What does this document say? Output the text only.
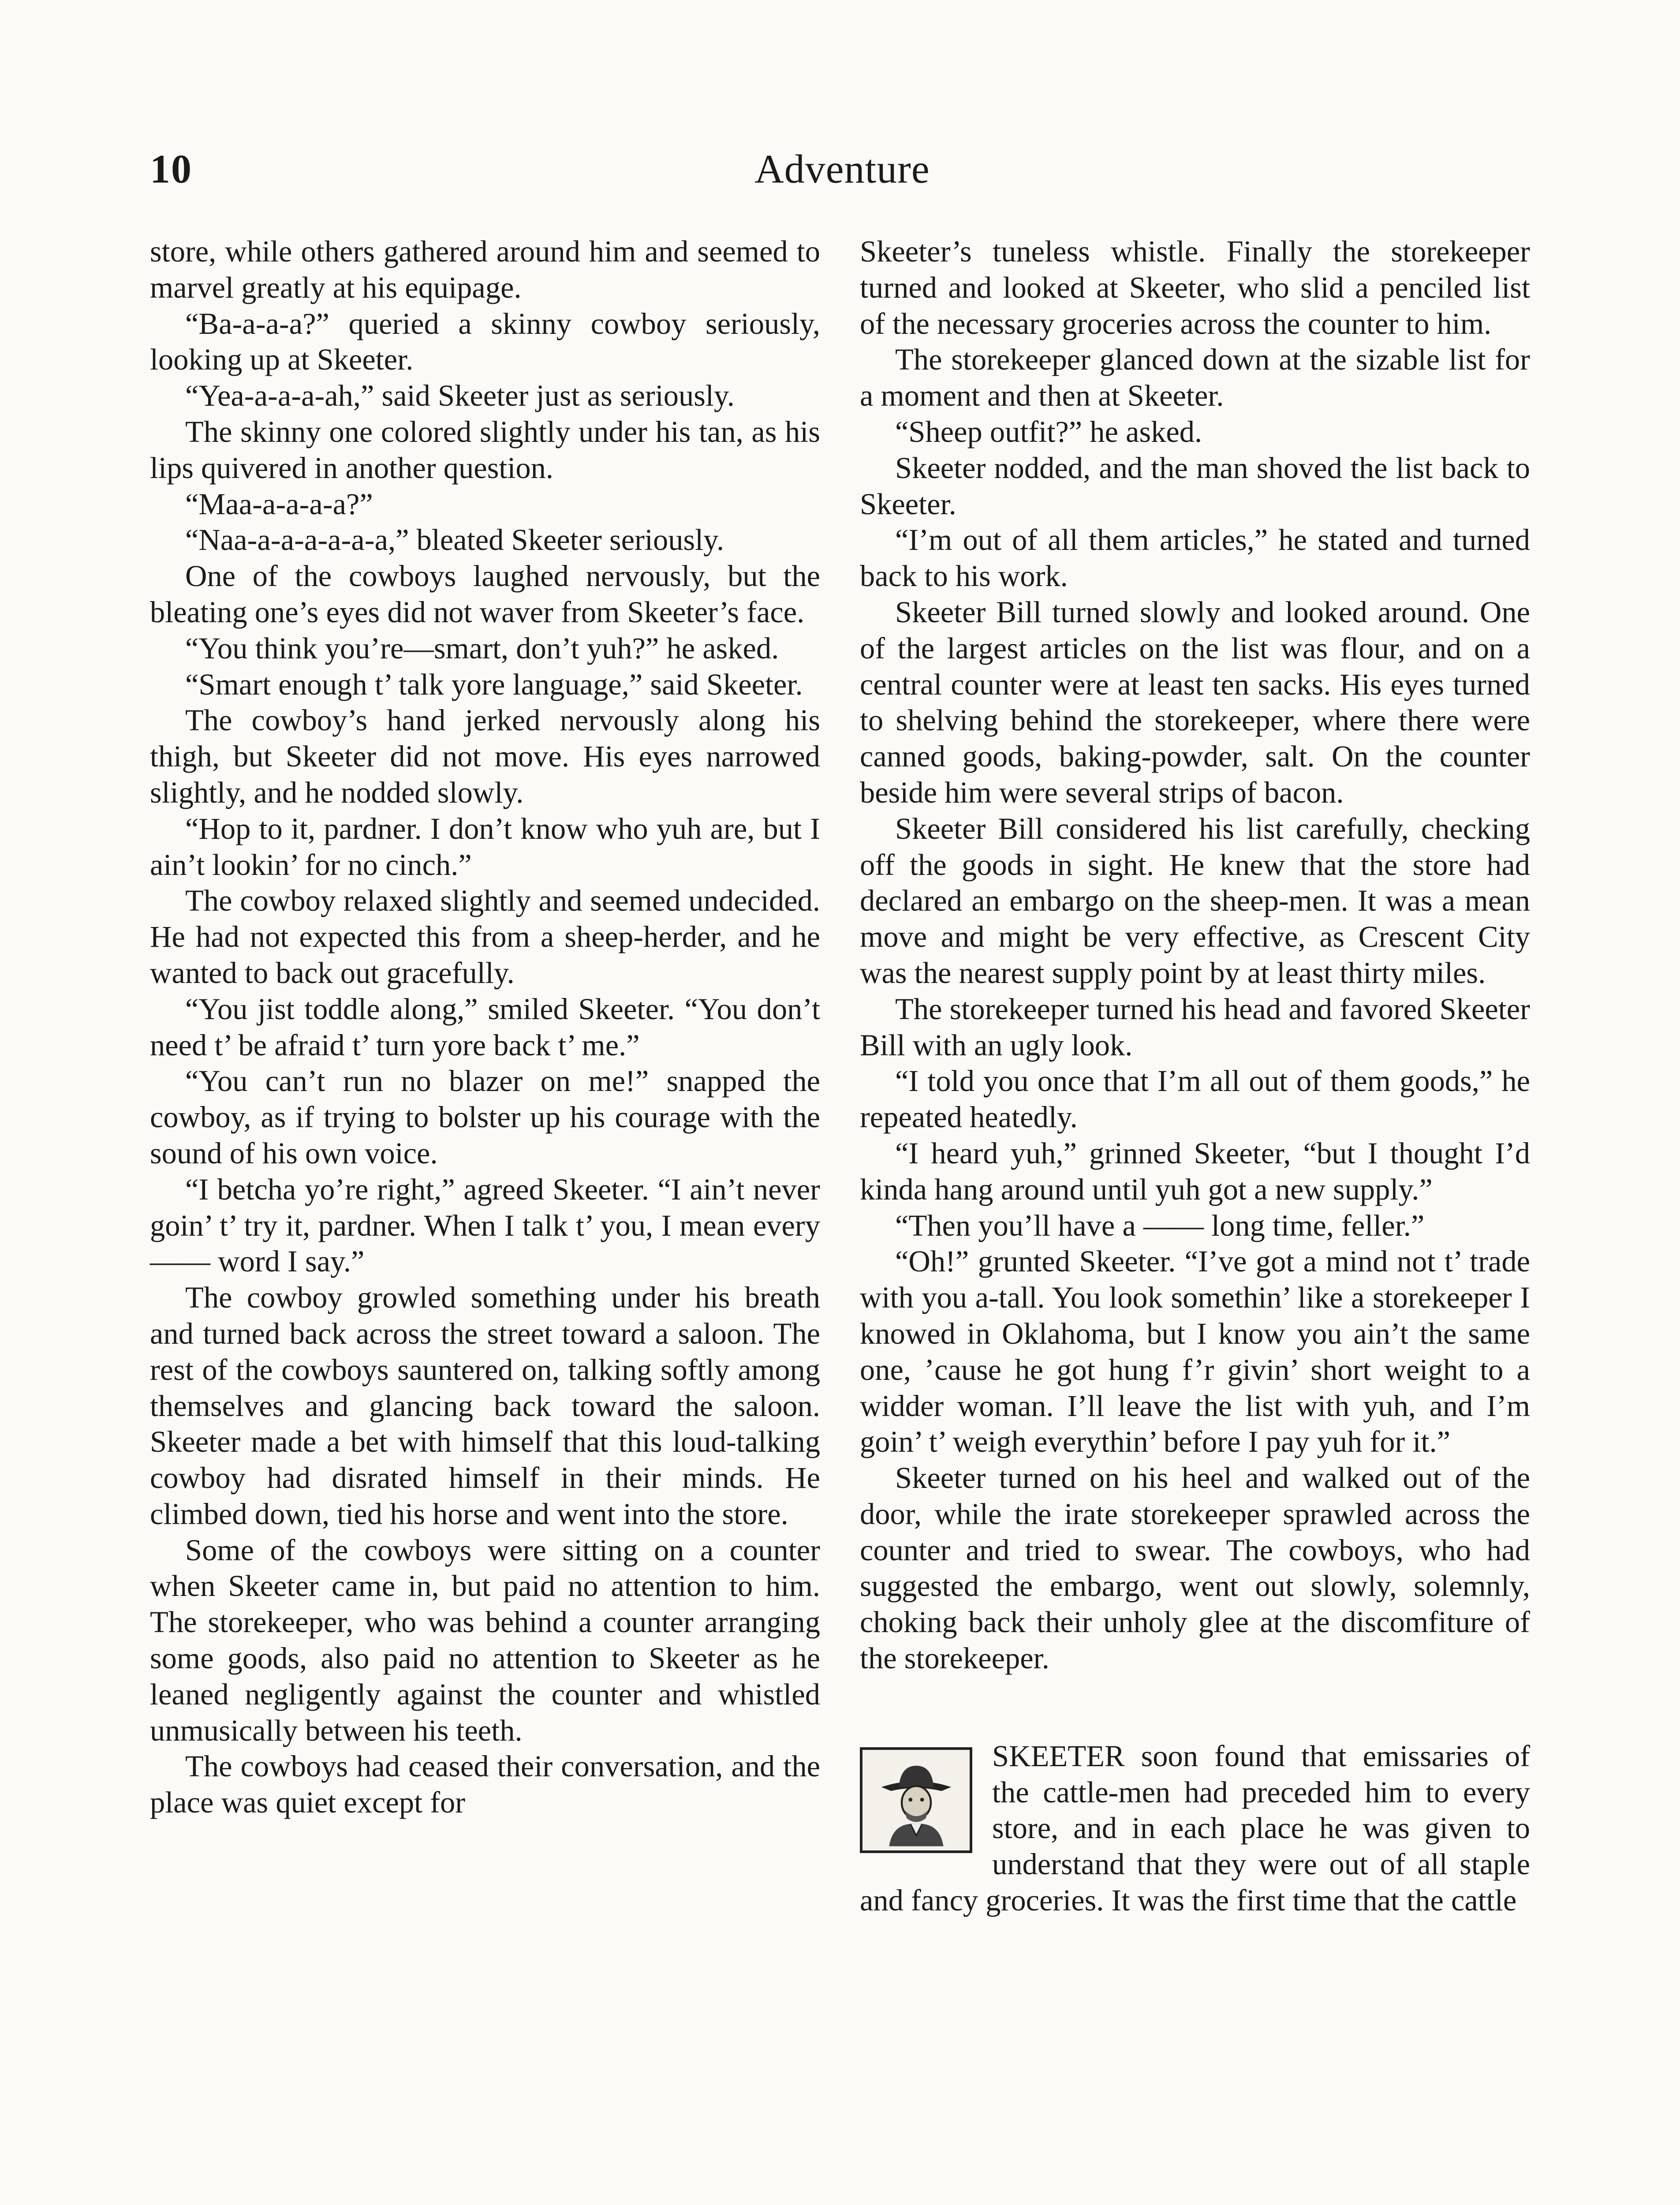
10	Adventure

store, while others gathered around him and seemed to marvel greatly at his equipage.

“Ba-a-a-a?” queried a skinny cowboy seriously, looking up at Skeeter.

“Yea-a-a-a-ah,” said Skeeter just as seriously.

The skinny one colored slightly under his tan, as his lips quivered in another question.

“Maa-a-a-a-a?”

“Naa-a-a-a-a-a-a,” bleated Skeeter seriously.

One of the cowboys laughed nervously, but the bleating one’s eyes did not waver from Skeeter’s face.

“You think you’re—smart, don’t yuh?” he asked.

“Smart enough t’ talk yore language,” said Skeeter.

The cowboy’s hand jerked nervously along his thigh, but Skeeter did not move. His eyes narrowed slightly, and he nodded slowly.

“Hop to it, pardner. I don’t know who yuh are, but I ain’t lookin’ for no cinch.”

The cowboy relaxed slightly and seemed undecided. He had not expected this from a sheep-herder, and he wanted to back out gracefully.

“You jist toddle along,” smiled Skeeter. “You don’t need t’ be afraid t’ turn yore back t’ me.”

“You can’t run no blazer on me!” snapped the cowboy, as if trying to bolster up his courage with the sound of his own voice.

“I betcha yo’re right,” agreed Skeeter. “I ain’t never goin’ t’ try it, pardner. When I talk t’ you, I mean every —— word I say.”

The cowboy growled something under his breath and turned back across the street toward a saloon. The rest of the cowboys sauntered on, talking softly among themselves and glancing back toward the saloon. Skeeter made a bet with himself that this loud-talking cowboy had disrated himself in their minds. He climbed down, tied his horse and went into the store.

Some of the cowboys were sitting on a counter when Skeeter came in, but paid no attention to him. The storekeeper, who was behind a counter arranging some goods, also paid no attention to Skeeter as he leaned negligently against the counter and whistled unmusically between his teeth.

The cowboys had ceased their conversation, and the place was quiet except for

Skeeter’s tuneless whistle. Finally the storekeeper turned and looked at Skeeter, who slid a penciled list of the necessary groceries across the counter to him.

The storekeeper glanced down at the sizable list for a moment and then at Skeeter.

“Sheep outfit?” he asked.

Skeeter nodded, and the man shoved the list back to Skeeter.

“I’m out of all them articles,” he stated and turned back to his work.

Skeeter Bill turned slowly and looked around. One of the largest articles on the list was flour, and on a central counter were at least ten sacks. His eyes turned to shelving behind the storekeeper, where there were canned goods, baking-powder, salt. On the counter beside him were several strips of bacon.

Skeeter Bill considered his list carefully, checking off the goods in sight. He knew that the store had declared an embargo on the sheep-men. It was a mean move and might be very effective, as Crescent City was the nearest supply point by at least thirty miles.

The storekeeper turned his head and favored Skeeter Bill with an ugly look.

“I told you once that I’m all out of them goods,” he repeated heatedly.

“I heard yuh,” grinned Skeeter, “but I thought I’d kinda hang around until yuh got a new supply.”

“Then you’ll have a —— long time, feller.”

“Oh!” grunted Skeeter. “I’ve got a mind not t’ trade with you a-tall. You look somethin’ like a storekeeper I knowed in Oklahoma, but I know you ain’t the same one, ’cause he got hung f’r givin’ short weight to a widder woman. I’ll leave the list with yuh, and I’m goin’ t’ weigh everythin’ before I pay yuh for it.”

Skeeter turned on his heel and walked out of the door, while the irate storekeeper sprawled across the counter and tried to swear. The cowboys, who had suggested the embargo, went out slowly, solemnly, choking back their unholy glee at the discomfiture of the storekeeper.

SKEETER soon found that emissaries of the cattle-men had preceded him to every store, and in each place he was given to understand that they were out of all staple and fancy groceries. It was the first time that the cattle
